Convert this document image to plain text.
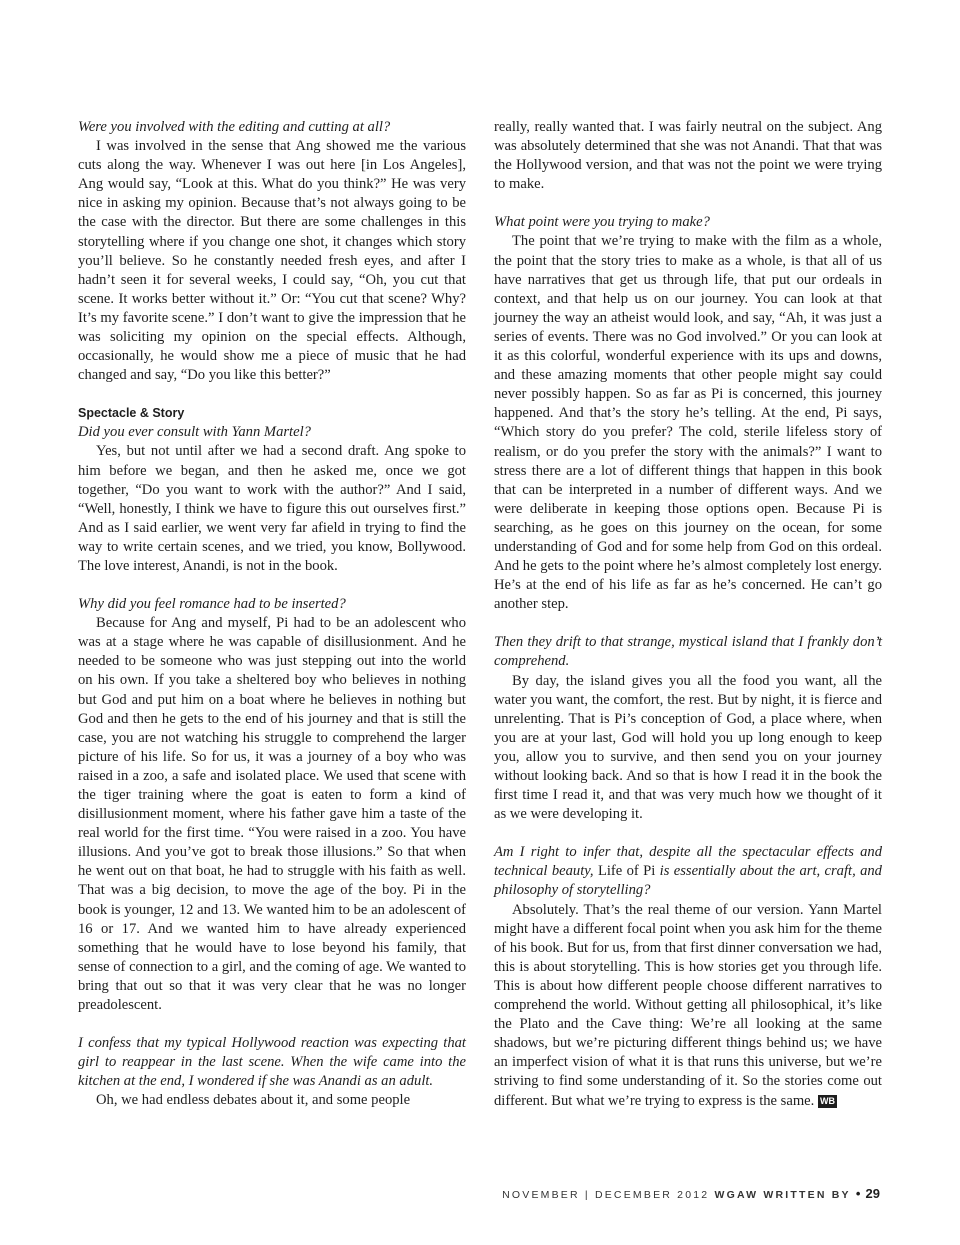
Were you involved with the editing and cutting at all?

I was involved in the sense that Ang showed me the various cuts along the way. Whenever I was out here [in Los Angeles], Ang would say, “Look at this. What do you think?” He was very nice in asking my opinion. Because that’s not always going to be the case with the director. But there are some challenges in this storytelling where if you change one shot, it changes which story you’ll believe. So he constantly needed fresh eyes, and after I hadn’t seen it for several weeks, I could say, “Oh, you cut that scene. It works better without it.” Or: “You cut that scene? Why? It’s my favorite scene.” I don’t want to give the impression that he was soliciting my opinion on the special effects. Although, occasionally, he would show me a piece of music that he had changed and say, “Do you like this better?”

Spectacle & Story

Did you ever consult with Yann Martel?

Yes, but not until after we had a second draft. Ang spoke to him before we began, and then he asked me, once we got together, “Do you want to work with the author?” And I said, “Well, honestly, I think we have to figure this out ourselves first.” And as I said earlier, we went very far afield in trying to find the way to write certain scenes, and we tried, you know, Bollywood. The love interest, Anandi, is not in the book.

Why did you feel romance had to be inserted?

Because for Ang and myself, Pi had to be an adolescent who was at a stage where he was capable of disillusionment. And he needed to be someone who was just stepping out into the world on his own. If you take a sheltered boy who believes in nothing but God and put him on a boat where he believes in nothing but God and then he gets to the end of his journey and that is still the case, you are not watching his struggle to comprehend the larger picture of his life. So for us, it was a journey of a boy who was raised in a zoo, a safe and isolated place. We used that scene with the tiger training where the goat is eaten to form a kind of disillusionment moment, where his father gave him a taste of the real world for the first time. “You were raised in a zoo. You have illusions. And you’ve got to break those illusions.” So that when he went out on that boat, he had to struggle with his faith as well. That was a big decision, to move the age of the boy. Pi in the book is younger, 12 and 13. We wanted him to be an adolescent of 16 or 17. And we wanted him to have already experienced something that he would have to lose beyond his family, that sense of connection to a girl, and the coming of age. We wanted to bring that out so that it was very clear that he was no longer preadolescent.

I confess that my typical Hollywood reaction was expecting that girl to reappear in the last scene. When the wife came into the kitchen at the end, I wondered if she was Anandi as an adult.

Oh, we had endless debates about it, and some people

really, really wanted that. I was fairly neutral on the subject. Ang was absolutely determined that she was not Anandi. That that was the Hollywood version, and that was not the point we were trying to make.

What point were you trying to make?

The point that we’re trying to make with the film as a whole, the point that the story tries to make as a whole, is that all of us have narratives that get us through life, that put our ordeals in context, and that help us on our journey. You can look at that journey the way an atheist would look, and say, “Ah, it was just a series of events. There was no God involved.” Or you can look at it as this colorful, wonderful experience with its ups and downs, and these amazing moments that other people might say could never possibly happen. So as far as Pi is concerned, this journey happened. And that’s the story he’s telling. At the end, Pi says, “Which story do you prefer? The cold, sterile lifeless story of realism, or do you prefer the story with the animals?” I want to stress there are a lot of different things that happen in this book that can be interpreted in a number of different ways. And we were deliberate in keeping those options open. Because Pi is searching, as he goes on this journey on the ocean, for some understanding of God and for some help from God on this ordeal. And he gets to the point where he’s almost completely lost energy. He’s at the end of his life as far as he’s concerned. He can’t go another step.

Then they drift to that strange, mystical island that I frankly don’t comprehend.

By day, the island gives you all the food you want, all the water you want, the comfort, the rest. But by night, it is fierce and unrelenting. That is Pi’s conception of God, a place where, when you are at your last, God will hold you up long enough to keep you, allow you to survive, and then send you on your journey without looking back. And so that is how I read it in the book the first time I read it, and that was very much how we thought of it as we were developing it.

Am I right to infer that, despite all the spectacular effects and technical beauty, Life of Pi is essentially about the art, craft, and philosophy of storytelling?

Absolutely. That’s the real theme of our version. Yann Martel might have a different focal point when you ask him for the theme of his book. But for us, from that first dinner conversation we had, this is about storytelling. This is how stories get you through life. This is about how different people choose different narratives to comprehend the world. Without getting all philosophical, it’s like the Plato and the Cave thing: We’re all looking at the same shadows, but we’re picturing different things behind us; we have an imperfect vision of what it is that runs this universe, but we’re striving to find some understanding of it. So the stories come out different. But what we’re trying to express is the same. WB

NOVEMBER | DECEMBER 2012 WGAW WRITTEN BY • 29
